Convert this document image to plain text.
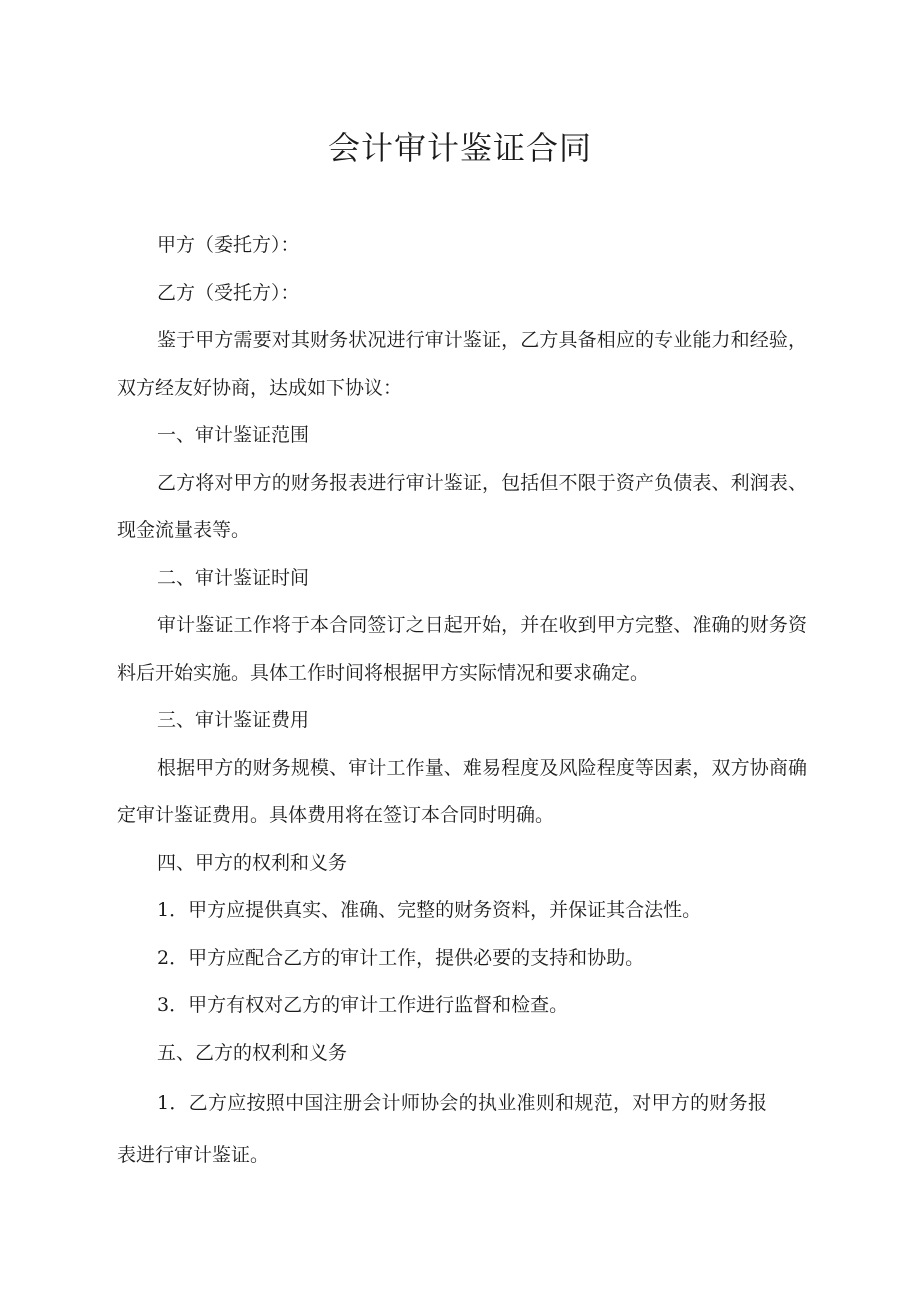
会计审计鉴证合同

甲方（委托方）：

乙方（受托方）：

鉴于甲方需要对其财务状况进行审计鉴证，乙方具备相应的专业能力和经验，双方经友好协商，达成如下协议：

一、审计鉴证范围

乙方将对甲方的财务报表进行审计鉴证，包括但不限于资产负债表、利润表、现金流量表等。

二、审计鉴证时间

审计鉴证工作将于本合同签订之日起开始，并在收到甲方完整、准确的财务资料后开始实施。具体工作时间将根据甲方实际情况和要求确定。

三、审计鉴证费用

根据甲方的财务规模、审计工作量、难易程度及风险程度等因素，双方协商确定审计鉴证费用。具体费用将在签订本合同时明确。

四、甲方的权利和义务

1．甲方应提供真实、准确、完整的财务资料，并保证其合法性。

2．甲方应配合乙方的审计工作，提供必要的支持和协助。

3．甲方有权对乙方的审计工作进行监督和检查。

五、乙方的权利和义务

1．乙方应按照中国注册会计师协会的执业准则和规范，对甲方的财务报表进行审计鉴证。
